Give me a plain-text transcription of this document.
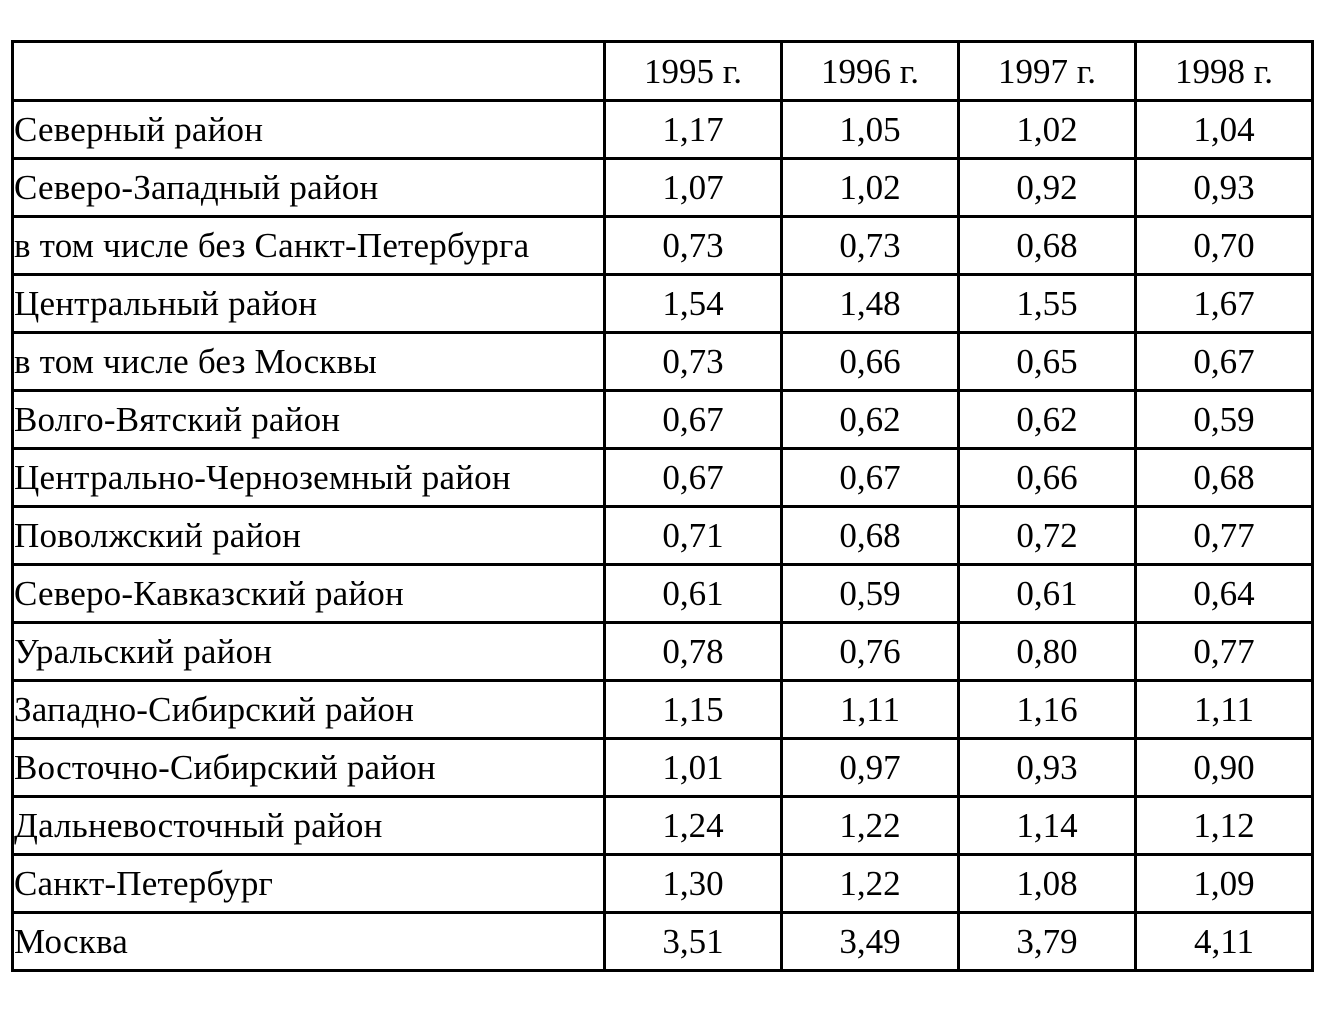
	1995 г.	1996 г.	1997 г.	1998 г.
Северный район	1,17	1,05	1,02	1,04
Северо-Западный район	1,07	1,02	0,92	0,93
в том числе без Санкт-Петербурга	0,73	0,73	0,68	0,70
Центральный район	1,54	1,48	1,55	1,67
в том числе без Москвы	0,73	0,66	0,65	0,67
Волго-Вятский район	0,67	0,62	0,62	0,59
Центрально-Черноземный район	0,67	0,67	0,66	0,68
Поволжский район	0,71	0,68	0,72	0,77
Северо-Кавказский район	0,61	0,59	0,61	0,64
Уральский район	0,78	0,76	0,80	0,77
Западно-Сибирский район	1,15	1,11	1,16	1,11
Восточно-Сибирский район	1,01	0,97	0,93	0,90
Дальневосточный район	1,24	1,22	1,14	1,12
Санкт-Петербург	1,30	1,22	1,08	1,09
Москва	3,51	3,49	3,79	4,11
